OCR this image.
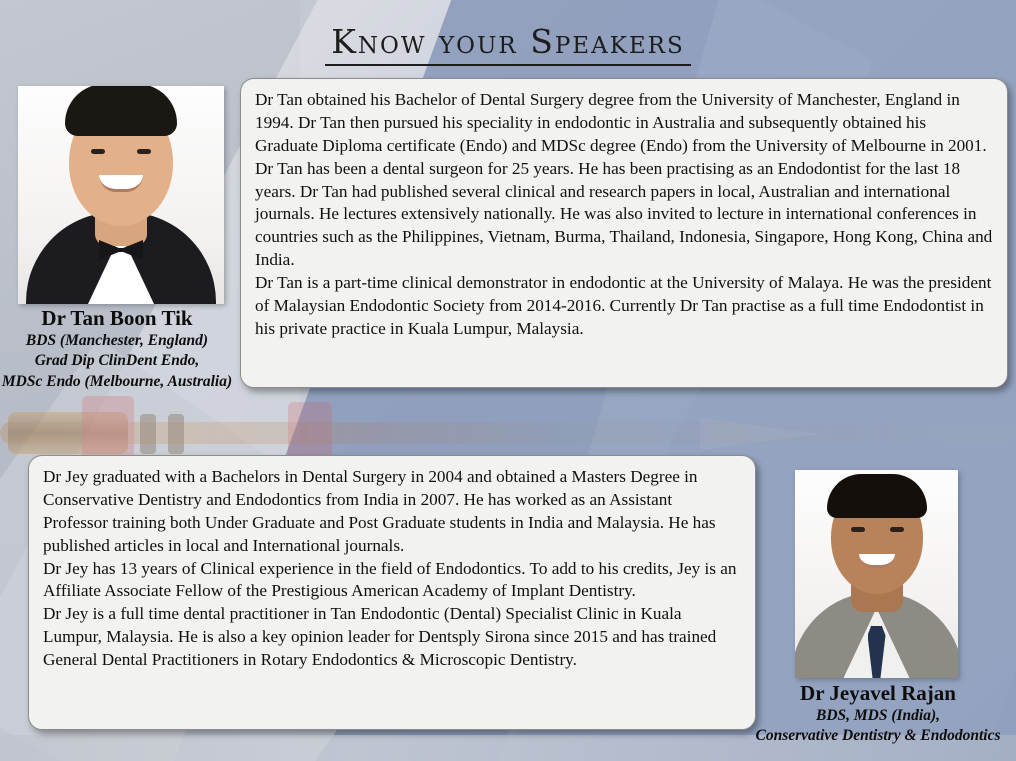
Know your Speakers
Dr Tan Boon Tik
BDS (Manchester, England)
Grad Dip ClinDent Endo,
MDSc Endo (Melbourne, Australia)

Dr Tan obtained his Bachelor of Dental Surgery degree from the University of Manchester, England in 1994. Dr Tan then pursued his speciality in endodontic in Australia and subsequently obtained his Graduate Diploma certificate (Endo) and MDSc degree (Endo) from the University of Melbourne in 2001. Dr Tan has been a dental surgeon for 25 years. He has been practising as an Endodontist for the last 18 years. Dr Tan had published several clinical and research papers in local, Australian and international journals. He lectures extensively nationally. He was also invited to lecture in international conferences in countries such as the Philippines, Vietnam, Burma, Thailand, Indonesia, Singapore, Hong Kong, China and India.

Dr Tan is a part-time clinical demonstrator in endodontic at the University of Malaya. He was the president of Malaysian Endodontic Society from 2014-2016. Currently Dr Tan practise as a full time Endodontist in his private practice in Kuala Lumpur, Malaysia.

Dr Jey graduated with a Bachelors in Dental Surgery in 2004 and obtained a Masters Degree in Conservative Dentistry and Endodontics from India in 2007. He has worked as an Assistant Professor training both Under Graduate and Post Graduate students in India and Malaysia. He has published articles in local and International journals.

Dr Jey has 13 years of Clinical experience in the field of Endodontics. To add to his credits, Jey is an Affiliate Associate Fellow of the Prestigious American Academy of Implant Dentistry.

Dr Jey is a full time dental practitioner in Tan Endodontic (Dental) Specialist Clinic in Kuala Lumpur, Malaysia. He is also a key opinion leader for Dentsply Sirona since 2015 and has trained General Dental Practitioners in Rotary Endodontics & Microscopic Dentistry.

Dr Jeyavel Rajan
BDS, MDS (India),
Conservative Dentistry & Endodontics
